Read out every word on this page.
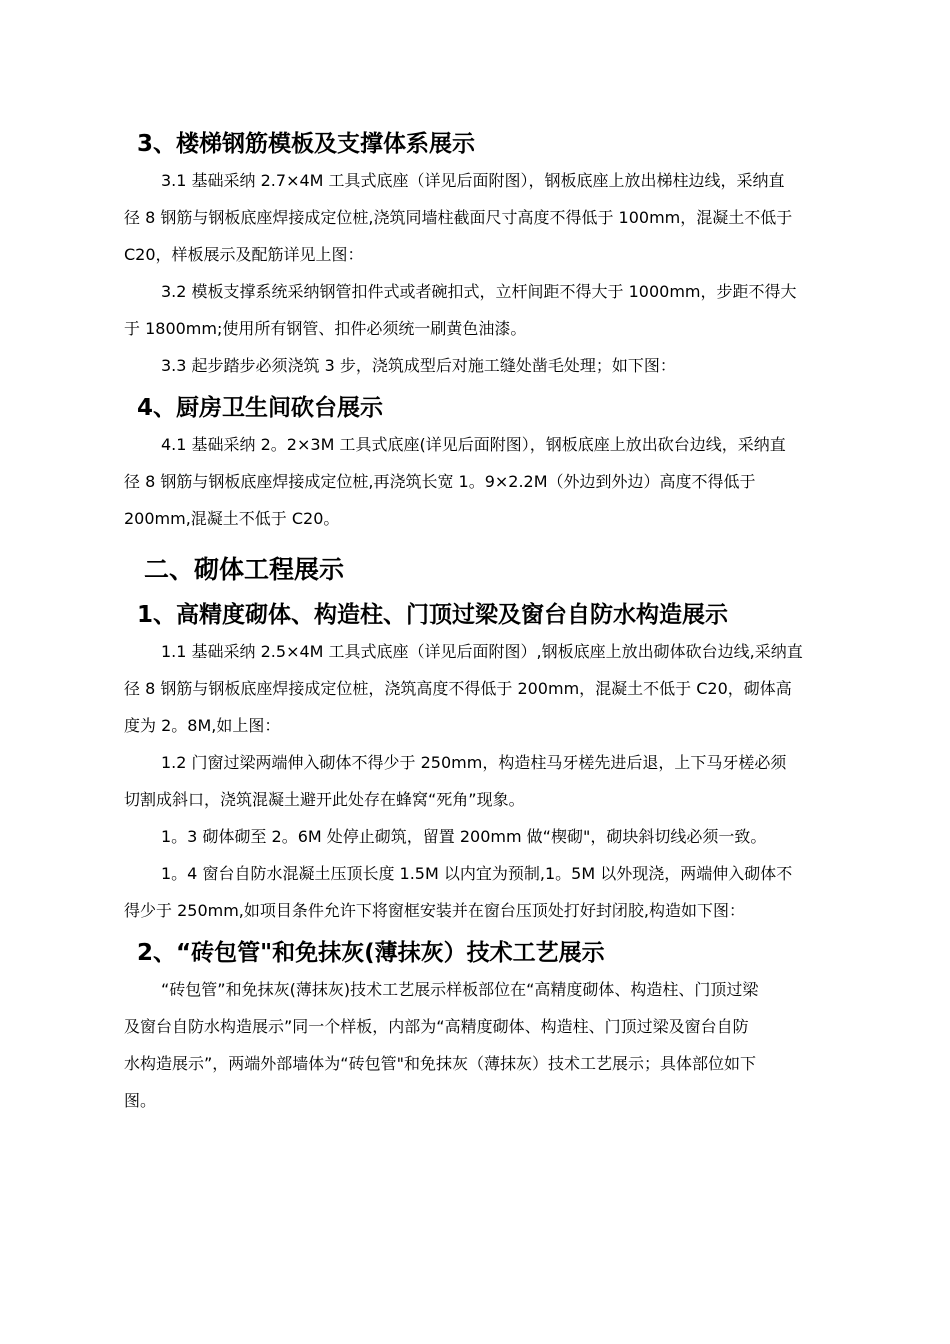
3、楼梯钢筋模板及支撑体系展示
3.1 基础采纳 2.7×4M 工具式底座（详见后面附图），钢板底座上放出梯柱边线，采纳直
径 8 钢筋与钢板底座焊接成定位桩,浇筑同墙柱截面尺寸高度不得低于 100mm，混凝土不低于
C20，样板展示及配筋详见上图：
3.2 模板支撑系统采纳钢管扣件式或者碗扣式，立杆间距不得大于 1000mm，步距不得大
于 1800mm;使用所有钢管、扣件必须统一刷黄色油漆。
3.3 起步踏步必须浇筑 3 步，浇筑成型后对施工缝处凿毛处理；如下图：
4、厨房卫生间砍台展示
4.1 基础采纳 2。2×3M 工具式底座(详见后面附图），钢板底座上放出砍台边线，采纳直
径 8 钢筋与钢板底座焊接成定位桩,再浇筑长宽 1。9×2.2M（外边到外边）高度不得低于
200mm,混凝土不低于 C20。
二、砌体工程展示
1、高精度砌体、构造柱、门顶过梁及窗台自防水构造展示
1.1 基础采纳 2.5×4M 工具式底座（详见后面附图）,钢板底座上放出砌体砍台边线,采纳直
径 8 钢筋与钢板底座焊接成定位桩，浇筑高度不得低于 200mm，混凝土不低于 C20，砌体高
度为 2。8M,如上图：
1.2 门窗过梁两端伸入砌体不得少于 250mm，构造柱马牙槎先进后退，上下马牙槎必须
切割成斜口，浇筑混凝土避开此处存在蜂窝“死角”现象。
1。3 砌体砌至 2。6M 处停止砌筑，留置 200mm 做“楔砌"，砌块斜切线必须一致。
1。4 窗台自防水混凝土压顶长度 1.5M 以内宜为预制,1。5M 以外现浇，两端伸入砌体不
得少于 250mm,如项目条件允许下将窗框安装并在窗台压顶处打好封闭胶,构造如下图：
2、“砖包管"和免抹灰(薄抹灰）技术工艺展示
“砖包管”和免抹灰(薄抹灰)技术工艺展示样板部位在“高精度砌体、构造柱、门顶过梁
及窗台自防水构造展示”同一个样板，内部为“高精度砌体、构造柱、门顶过梁及窗台自防
水构造展示”，两端外部墙体为“砖包管"和免抹灰（薄抹灰）技术工艺展示；具体部位如下
图。
